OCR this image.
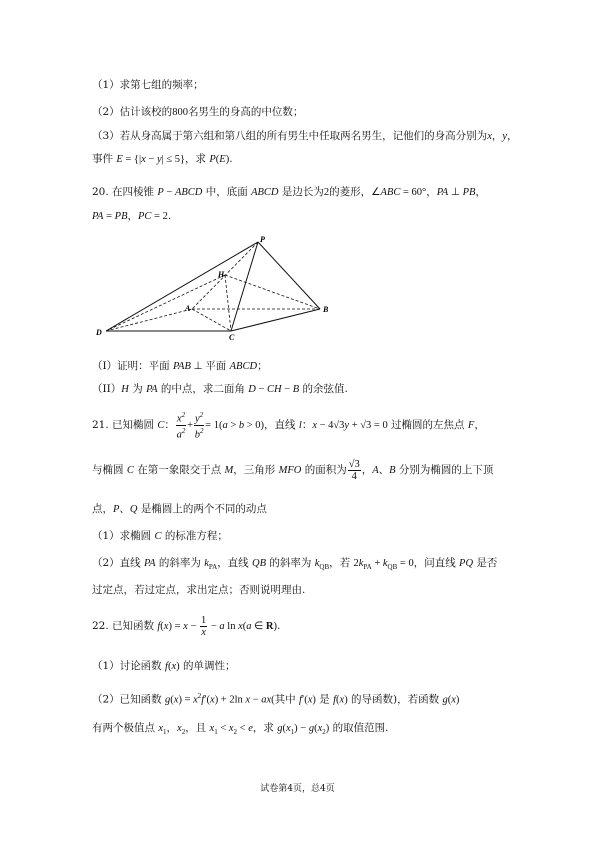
（1）求第七组的频率；
（2）估计该校的800名男生的身高的中位数；
（3）若从身高属于第六组和第八组的所有男生中任取两名男生，记他们的身高分别为x，y，
事件 E = {|x − y| ≤ 5}，求 P(E).
20. 在四棱锥 P − ABCD 中，底面 ABCD 是边长为2的菱形，∠ABC = 60°，PA ⊥ PB，
PA = PB，PC = 2.
P
H
A	B
C
D
（I）证明：平面 PAB ⊥ 平面 ABCD；
（II）H 为 PA 的中点，求二面角 D − CH − B 的余弦值.
21. 已知椭圆 C： $\frac{x^2}{a^2} + \frac{y^2}{b^2} = 1(a > b > 0)$，直线 l：x − 4√3y + √3 = 0 过椭圆的左焦点 F，
与椭圆 C 在第一象限交于点 M，三角形 MFO 的面积为 $\frac{√3}{4}$ ，A、B 分别为椭圆的上下顶
点，P、Q 是椭圆上的两个不同的动点
（1）求椭圆 C 的标准方程；
（2）直线 PA 的斜率为 $k_{PA}$，直线 QB 的斜率为 $k_{QB}$，若 $2k_{PA} + k_{QB} = 0$，问直线 PQ 是否
过定点，若过定点，求出定点；否则说明理由.
22. 已知函数 $f(x) = x - \frac{1}{x} - a$ ln x(a ∈ R).
（1）讨论函数 f(x) 的单调性；
（2）已知函数 $g(x) = x^2f'(x) + 2\ln$ x − ax(其中 f′(x) 是 f(x) 的导函数)，若函数 g(x)
有两个极值点 $x_1$，$x_2$，且 $x_1 < x_2 < e$，求 $g(x_1) - g(x_2)$ 的取值范围.
试卷第4页，总4页
